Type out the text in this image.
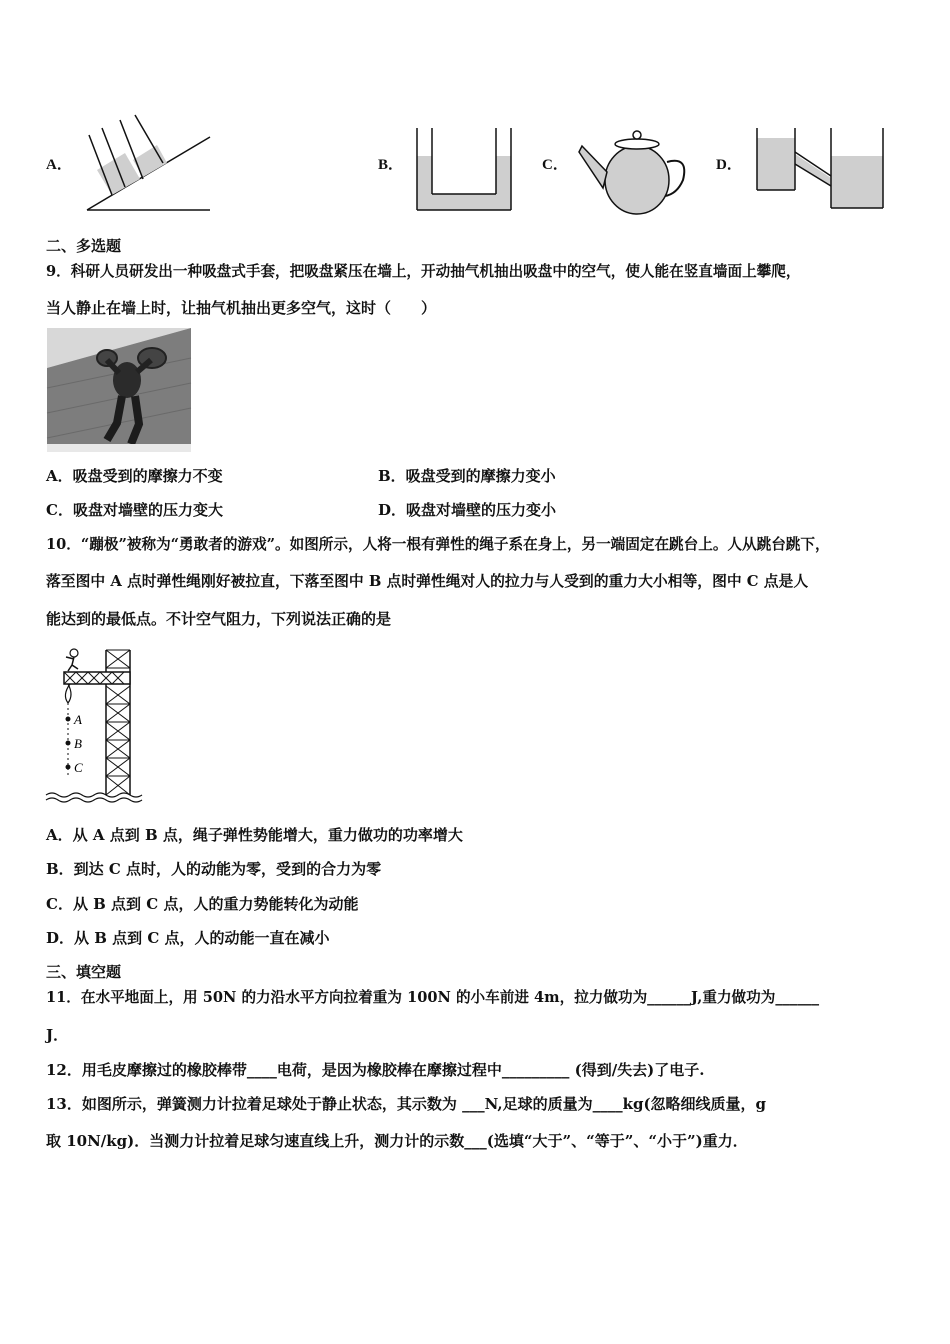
A．	B．	C．	D．
二、多选题
9．科研人员研发出一种吸盘式手套，把吸盘紧压在墙上，开动抽气机抽出吸盘中的空气，使人能在竖直墙面上攀爬，
当人静止在墙上时，让抽气机抽出更多空气，这时（　　）
A．吸盘受到的摩擦力不变	B．吸盘受到的摩擦力变小
C．吸盘对墙壁的压力变大	D．吸盘对墙壁的压力变小
10．“蹦极”被称为“勇敢者的游戏”。如图所示，人将一根有弹性的绳子系在身上，另一端固定在跳台上。人从跳台跳下，
落至图中 A 点时弹性绳刚好被拉直，下落至图中 B 点时弹性绳对人的拉力与人受到的重力大小相等，图中 C 点是人
能达到的最低点。不计空气阻力，下列说法正确的是
A
B
C
A．从 A 点到 B 点，绳子弹性势能增大，重力做功的功率增大
B．到达 C 点时，人的动能为零，受到的合力为零
C．从 B 点到 C 点，人的重力势能转化为动能
D．从 B 点到 C 点，人的动能一直在减小
三、填空题
11．在水平地面上，用 50N 的力沿水平方向拉着重为 100N 的小车前进 4m，拉力做功为______J,重力做功为______
J．
12．用毛皮摩擦过的橡胶棒带____电荷，是因为橡胶棒在摩擦过程中_________ (得到/失去)了电子.
13．如图所示，弹簧测力计拉着足球处于静止状态，其示数为 ___N,足球的质量为____kg(忽略细线质量，g
取 10N/kg)．当测力计拉着足球匀速直线上升，测力计的示数___(选填“大于”、“等于”、“小于”)重力．
